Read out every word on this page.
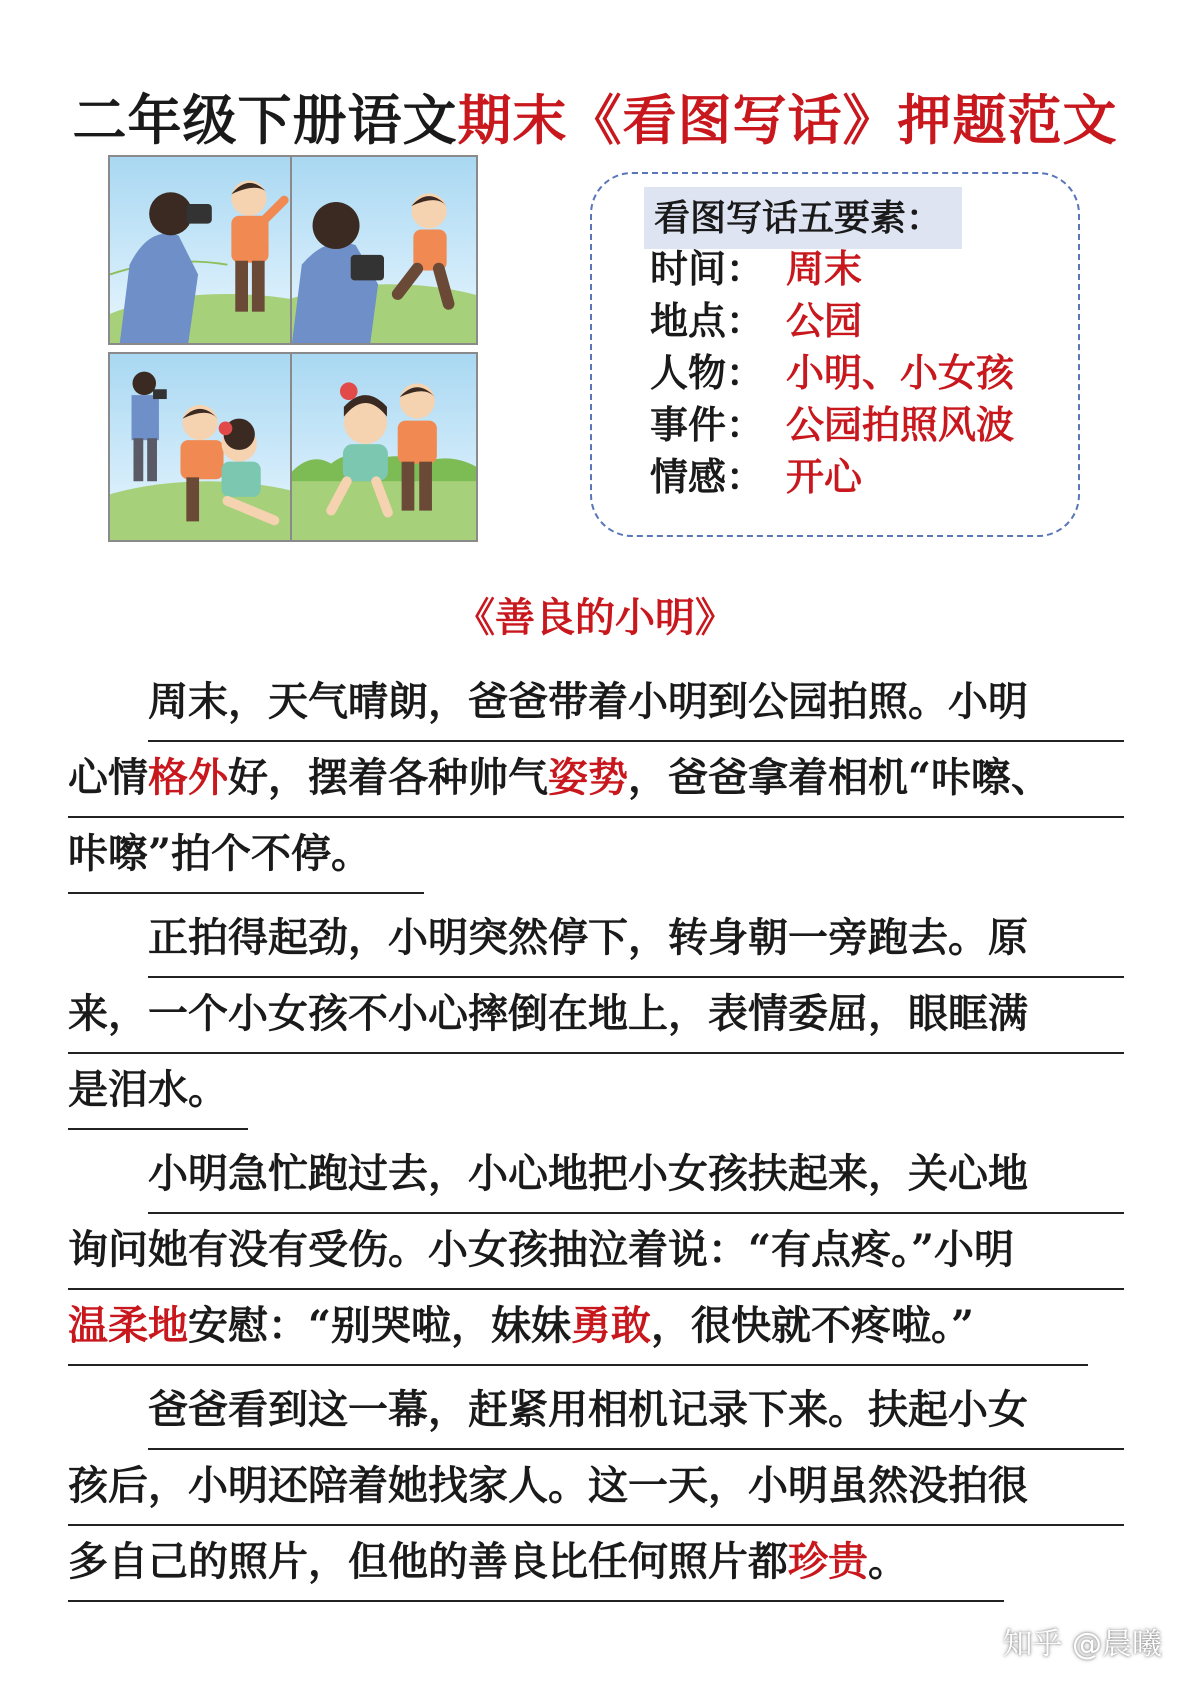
二年级下册语文期末《看图写话》押题范文
看图写话五要素：
时间： 周末
地点： 公园
人物： 小明、小女孩
事件： 公园拍照风波
情感： 开心
《善良的小明》
周末，天气晴朗，爸爸带着小明到公园拍照。小明
心情格外好，摆着各种帅气姿势，爸爸拿着相机“咔嚓、
咔嚓”拍个不停。
正拍得起劲，小明突然停下，转身朝一旁跑去。原
来，一个小女孩不小心摔倒在地上，表情委屈，眼眶满
是泪水。
小明急忙跑过去，小心地把小女孩扶起来，关心地
询问她有没有受伤。小女孩抽泣着说：“有点疼。”小明
温柔地安慰：“别哭啦，妹妹勇敢，很快就不疼啦。”
爸爸看到这一幕，赶紧用相机记录下来。扶起小女
孩后，小明还陪着她找家人。这一天，小明虽然没拍很
多自己的照片，但他的善良比任何照片都珍贵。
知乎 @晨曦
